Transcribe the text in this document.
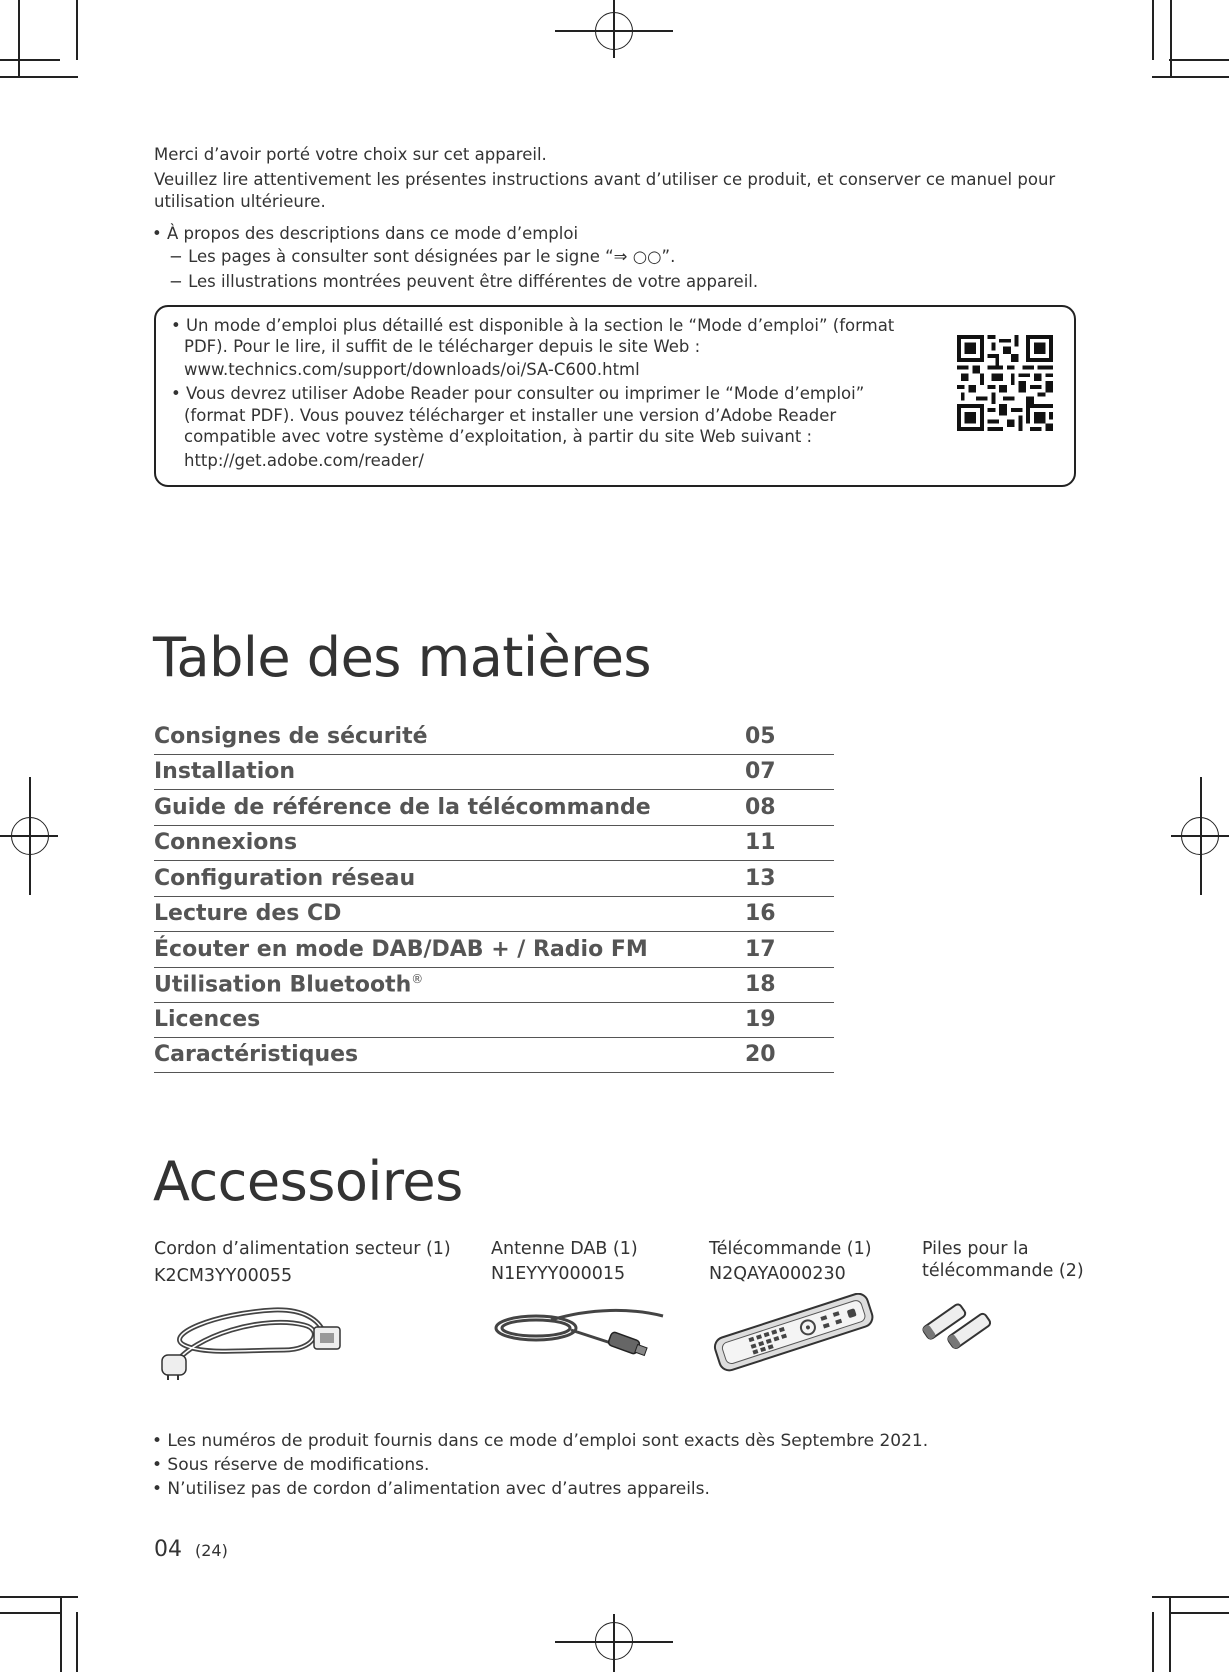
Merci d’avoir porté votre choix sur cet appareil.
Veuillez lire attentivement les présentes instructions avant d’utiliser ce produit, et conserver ce manuel pour
utilisation ultérieure.
• À propos des descriptions dans ce mode d’emploi
− Les pages à consulter sont désignées par le signe “⇒ ○○”.
− Les illustrations montrées peuvent être différentes de votre appareil.
• Un mode d’emploi plus détaillé est disponible à la section le “Mode d’emploi” (format
PDF). Pour le lire, il suffit de le télécharger depuis le site Web :
www.technics.com/support/downloads/oi/SA-C600.html
• Vous devrez utiliser Adobe Reader pour consulter ou imprimer le “Mode d’emploi”
(format PDF). Vous pouvez télécharger et installer une version d’Adobe Reader
compatible avec votre système d’exploitation, à partir du site Web suivant :
http://get.adobe.com/reader/
Table des matières
Consignes de sécurité	05
Installation	07
Guide de référence de la télécommande	08
Connexions	11
Configuration réseau	13
Lecture des CD	16
Écouter en mode DAB/DAB + / Radio FM	17
Utilisation Bluetooth®	18
Licences	19
Caractéristiques	20
Accessoires
Cordon d’alimentation secteur (1)
K2CM3YY00055
Antenne DAB (1)
N1EYYY000015
Télécommande (1)
N2QAYA000230
Piles pour la
télécommande (2)
• Les numéros de produit fournis dans ce mode d’emploi sont exacts dès Septembre 2021.
• Sous réserve de modifications.
• N’utilisez pas de cordon d’alimentation avec d’autres appareils.
04 (24)
